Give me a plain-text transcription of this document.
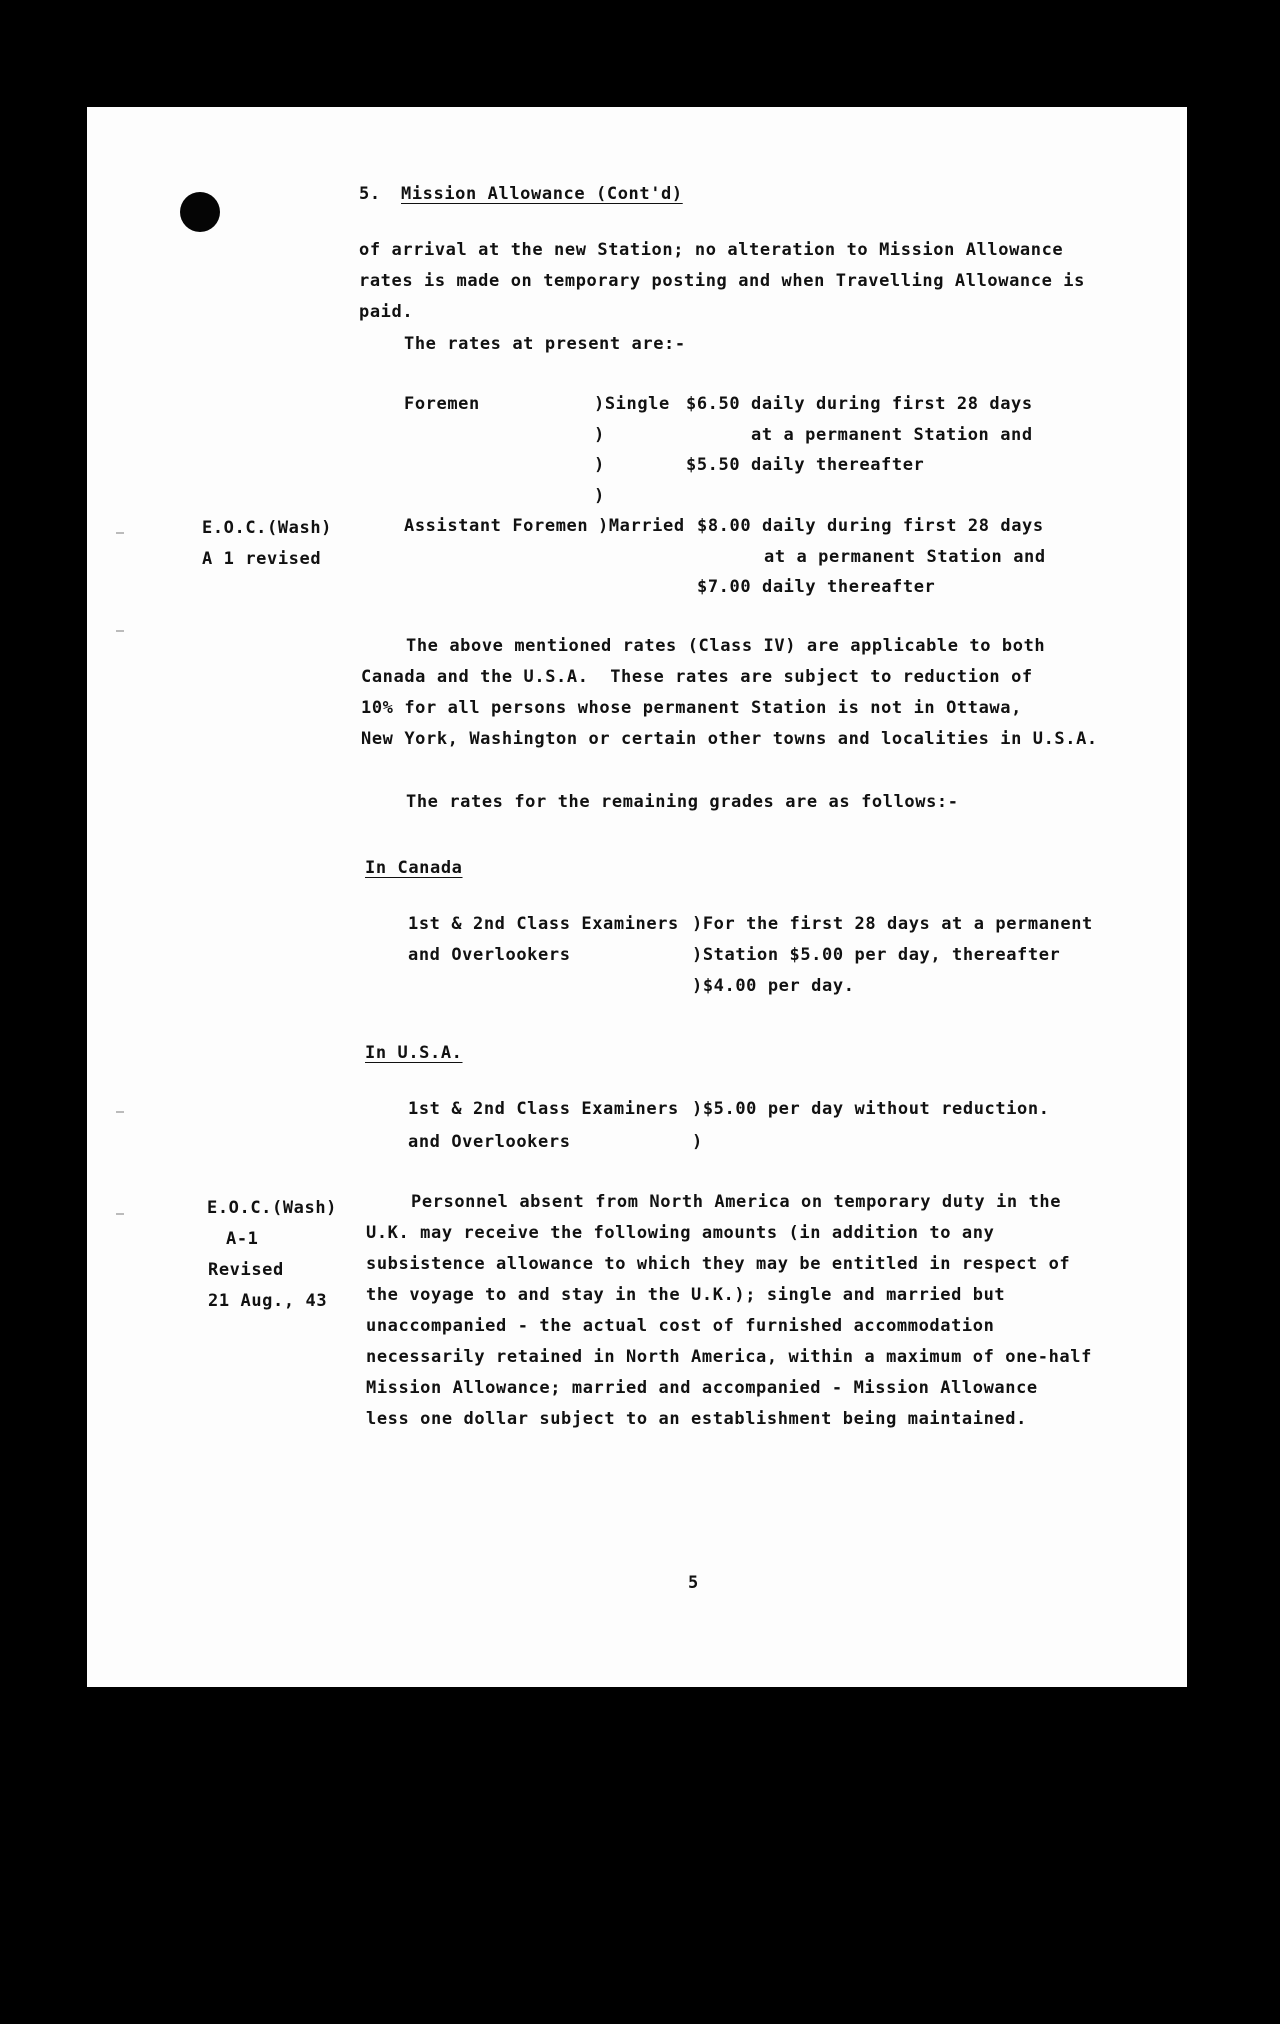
5. Mission Allowance (Cont'd)
of arrival at the new Station; no alteration to Mission Allowance
rates is made on temporary posting and when Travelling Allowance is
paid.
The rates at present are:-
Foremen	)Single
)
)
)
$6.50 daily during first 28 days
at a permanent Station and
$5.50 daily thereafter
E.O.C.(Wash)
A 1 revised
Assistant Foremen )Married $8.00 daily during first 28 days
at a permanent Station and
$7.00 daily thereafter
The above mentioned rates (Class IV) are applicable to both
Canada and the U.S.A.  These rates are subject to reduction of
10% for all persons whose permanent Station is not in Ottawa,
New York, Washington or certain other towns and localities in U.S.A.
The rates for the remaining grades are as follows:-
In Canada
1st & 2nd Class Examiners
and Overlookers
)For the first 28 days at a permanent
)Station $5.00 per day, thereafter
)$4.00 per day.
In U.S.A.
1st & 2nd Class Examiners
and Overlookers
)$5.00 per day without reduction.
)
E.O.C.(Wash)
A-1
Revised
21 Aug., 43
Personnel absent from North America on temporary duty in the
U.K. may receive the following amounts (in addition to any
subsistence allowance to which they may be entitled in respect of
the voyage to and stay in the U.K.); single and married but
unaccompanied - the actual cost of furnished accommodation
necessarily retained in North America, within a maximum of one-half
Mission Allowance; married and accompanied - Mission Allowance
less one dollar subject to an establishment being maintained.
5
